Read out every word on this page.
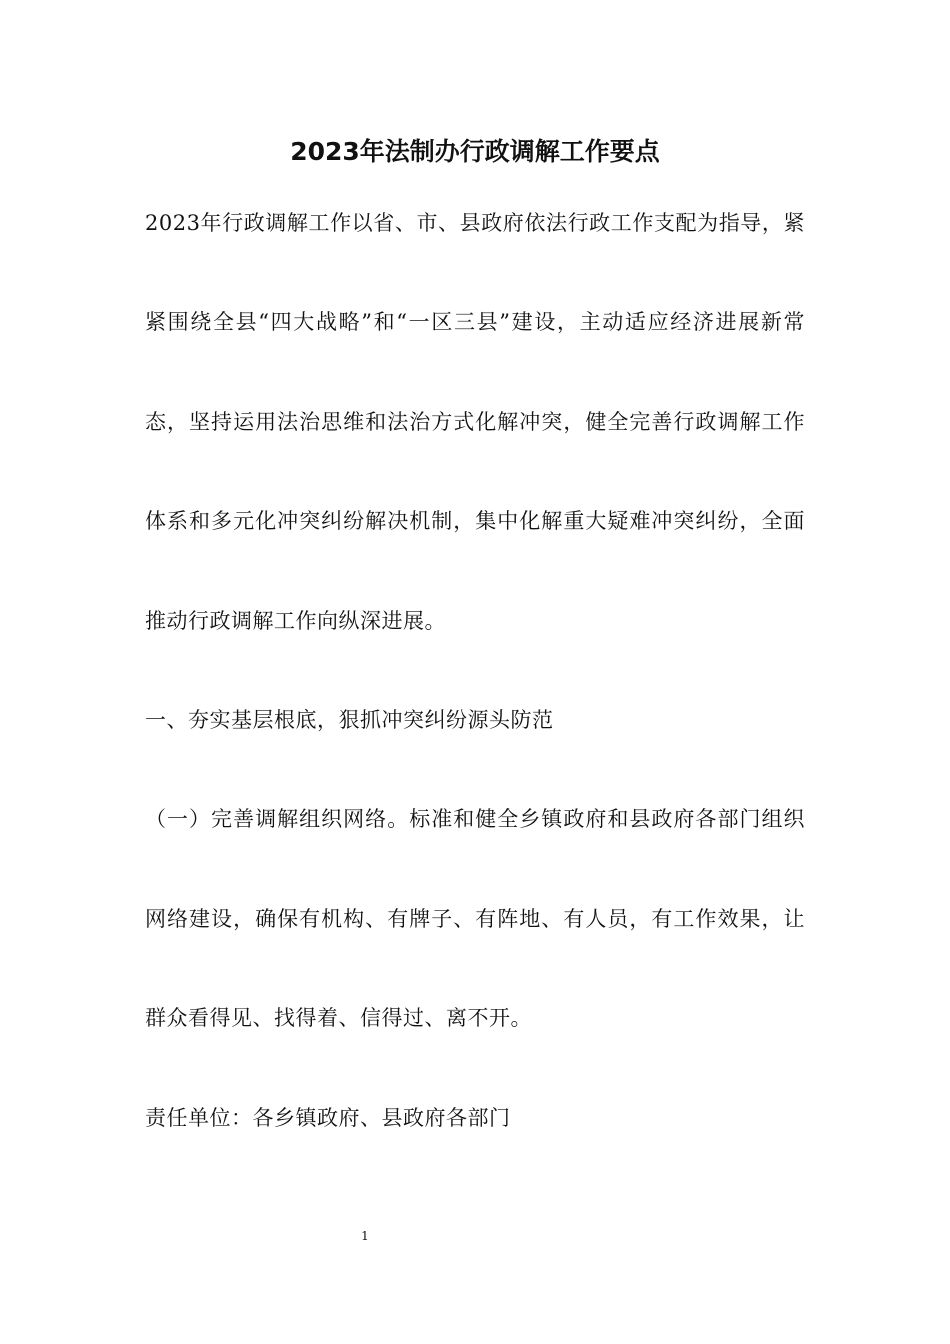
2023年法制办行政调解工作要点

2023年行政调解工作以省、市、县政府依法行政工作支配为指导，紧紧围绕全县“四大战略”和“一区三县”建设，主动适应经济进展新常态，坚持运用法治思维和法治方式化解冲突，健全完善行政调解工作体系和多元化冲突纠纷解决机制，集中化解重大疑难冲突纠纷，全面推动行政调解工作向纵深进展。

一、夯实基层根底，狠抓冲突纠纷源头防范

（一）完善调解组织网络。标准和健全乡镇政府和县政府各部门组织网络建设，确保有机构、有牌子、有阵地、有人员，有工作效果，让群众看得见、找得着、信得过、离不开。

责任单位：各乡镇政府、县政府各部门

1
